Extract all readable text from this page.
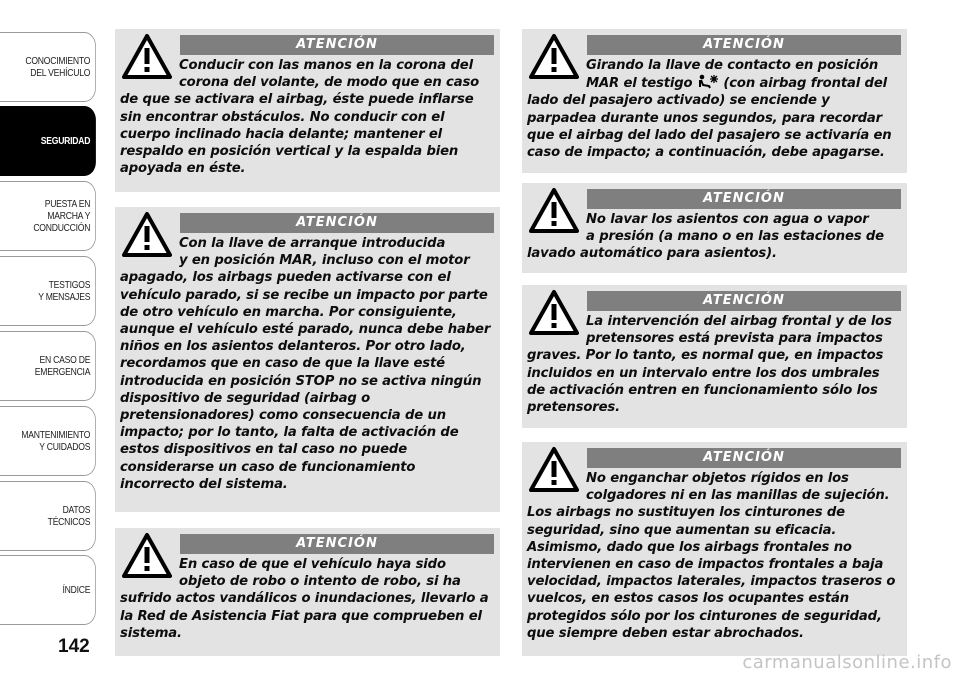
CONOCIMIENTO
DEL VEHÍCULO
SEGURIDAD
PUESTA EN
MARCHA Y
CONDUCCIÓN
TESTIGOS
Y MENSAJES
EN CASO DE
EMERGENCIA
MANTENIMIENTO
Y CUIDADOS
DATOS
TÉCNICOS
ÍNDICE
142
ATENCIÓN

Conducir con las manos en la corona del
corona del volante, de modo que en caso
de que se activara el airbag, éste puede inflarse sin encontrar obstáculos. No conducir con el cuerpo inclinado hacia delante; mantener el respaldo en posición vertical y la espalda bien apoyada en éste.

ATENCIÓN

Con la llave de arranque introducida
y en posición MAR, incluso con el motor
apagado, los airbags pueden activarse con el vehículo parado, si se recibe un impacto por parte de otro vehículo en marcha. Por consiguiente, aunque el vehículo esté parado, nunca debe haber niños en los asientos delanteros. Por otro lado, recordamos que en caso de que la llave esté introducida en posición STOP no se activa ningún dispositivo de seguridad (airbag o pretensionadores) como consecuencia de un impacto; por lo tanto, la falta de activación de estos dispositivos en tal caso no puede considerarse un caso de funcionamiento incorrecto del sistema.

ATENCIÓN

En caso de que el vehículo haya sido
objeto de robo o intento de robo, si ha
sufrido actos vandálicos o inundaciones, llevarlo a la Red de Asistencia Fiat para que comprueben el sistema.

ATENCIÓN

Girando la llave de contacto en posición
MAR el testigo (con airbag frontal del
lado del pasajero activado) se enciende y parpadea durante unos segundos, para recordar que el airbag del lado del pasajero se activaría en caso de impacto; a continuación, debe apagarse.

ATENCIÓN

No lavar los asientos con agua o vapor
a presión (a mano o en las estaciones de
lavado automático para asientos).

ATENCIÓN

La intervención del airbag frontal y de los
pretensores está prevista para impactos
graves. Por lo tanto, es normal que, en impactos incluidos en un intervalo entre los dos umbrales de activación entren en funcionamiento sólo los pretensores.

ATENCIÓN

No enganchar objetos rígidos en los
colgadores ni en las manillas de sujeción.
Los airbags no sustituyen los cinturones de seguridad, sino que aumentan su eficacia. Asimismo, dado que los airbags frontales no intervienen en caso de impactos frontales a baja velocidad, impactos laterales, impactos traseros o vuelcos, en estos casos los ocupantes están protegidos sólo por los cinturones de seguridad, que siempre deben estar abrochados.

carmanualsonline.info
